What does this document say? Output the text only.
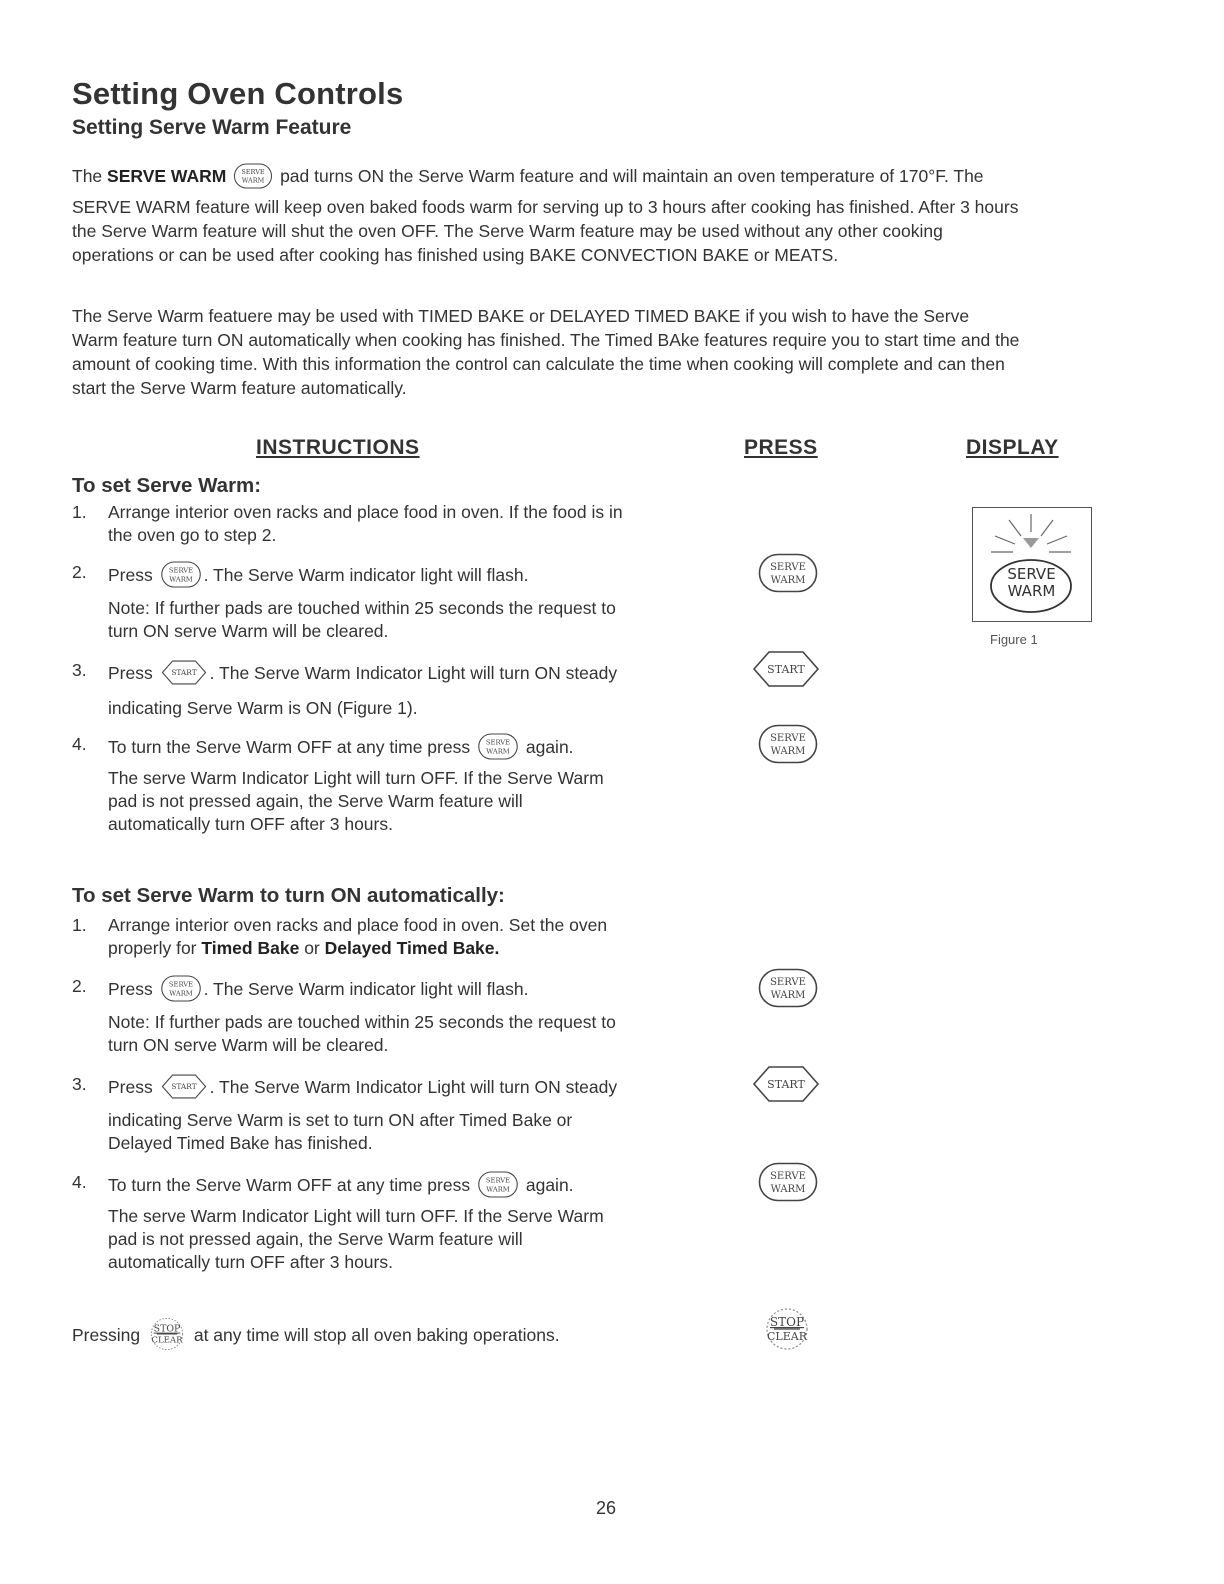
Setting Oven Controls
Setting Serve Warm Feature
The SERVE WARM	pad turns ON the Serve Warm feature and will maintain an oven temperature of 170°F. The
SERVE WARM feature will keep oven baked foods warm for serving up to 3 hours after cooking has finished. After 3 hours
the Serve Warm feature will shut the oven OFF. The Serve Warm feature may be used without any other cooking
operations or can be used after cooking has finished using BAKE CONVECTION BAKE or MEATS.
The Serve Warm featuere may be used with TIMED BAKE or DELAYED TIMED BAKE if you wish to have the Serve
Warm feature turn ON automatically when cooking has finished. The Timed BAke features require you to start time and the
amount of cooking time. With this information the control can calculate the time when cooking will complete and can then
start the Serve Warm feature automatically.
INSTRUCTIONS	PRESS	DISPLAY
To set Serve Warm:
1. Arrange interior oven racks and place food in oven. If the food is in
the oven go to step 2.
2. Press	. The Serve Warm indicator light will flash.
Note: If further pads are touched within 25 seconds the request to
turn ON serve Warm will be cleared.
3. Press	. The Serve Warm Indicator Light will turn ON steady
indicating Serve Warm is ON (Figure 1).
4. To turn the Serve Warm OFF at any time press	again.
The serve Warm Indicator Light will turn OFF. If the Serve Warm
pad is not pressed again, the Serve Warm feature will
automatically turn OFF after 3 hours.
SERVE
WARM
Figure 1
To set Serve Warm to turn ON automatically:
1. Arrange interior oven racks and place food in oven. Set the oven
properly for Timed Bake or Delayed Timed Bake.
2. Press	. The Serve Warm indicator light will flash.
Note: If further pads are touched within 25 seconds the request to
turn ON serve Warm will be cleared.
3. Press	. The Serve Warm Indicator Light will turn ON steady
indicating Serve Warm is set to turn ON after Timed Bake or
Delayed Timed Bake has finished.
4. To turn the Serve Warm OFF at any time press	again.
The serve Warm Indicator Light will turn OFF. If the Serve Warm
pad is not pressed again, the Serve Warm feature will
automatically turn OFF after 3 hours.
Pressing	at any time will stop all oven baking operations.
26
